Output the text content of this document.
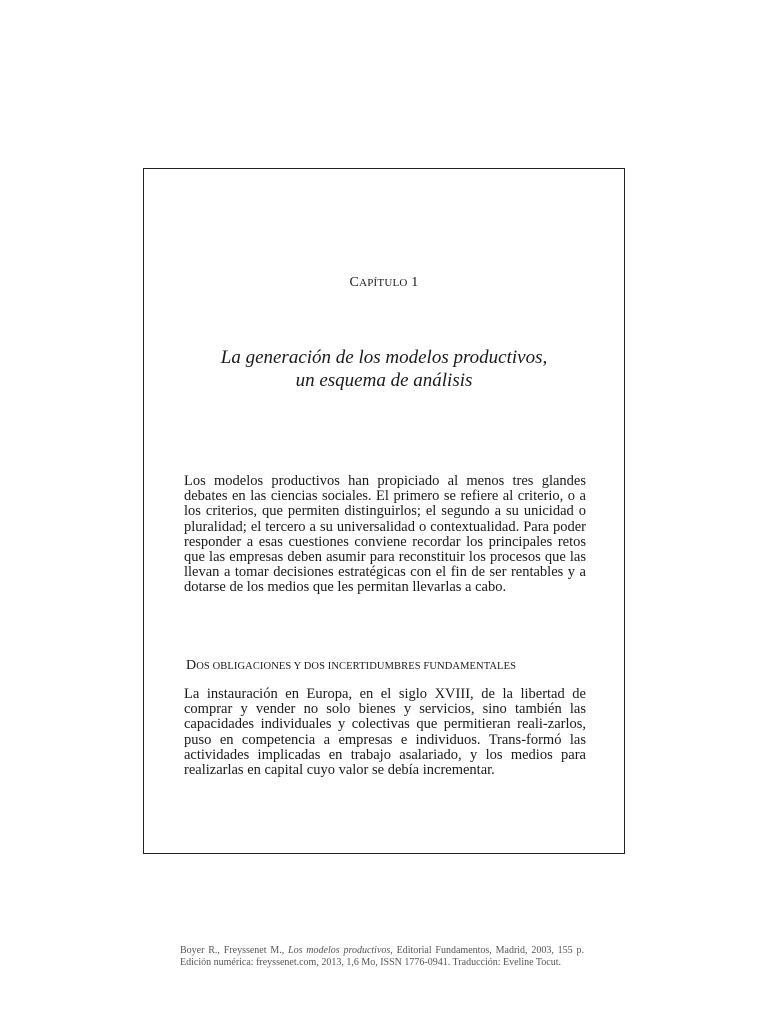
CAPÍTULO 1
La generación de los modelos productivos,
un esquema de análisis

Los modelos productivos han propiciado al menos tres glandes debates en las ciencias sociales. El primero se refiere al criterio, o a los criterios, que permiten distinguirlos; el segundo a su unicidad o pluralidad; el tercero a su universalidad o contextualidad. Para poder responder a esas cuestiones conviene recordar los principales retos que las empresas deben asumir para reconstituir los procesos que las llevan a tomar decisiones estratégicas con el fin de ser rentables y a dotarse de los medios que les permitan llevarlas a cabo.

DOS OBLIGACIONES Y DOS INCERTIDUMBRES FUNDAMENTALES

La instauración en Europa, en el siglo XVIII, de la libertad de comprar y vender no solo bienes y servicios, sino también las capacidades individuales y colectivas que permitieran reali-zarlos, puso en competencia a empresas e individuos. Trans-formó las actividades implicadas en trabajo asalariado, y los medios para realizarlas en capital cuyo valor se debía incrementar.

Boyer R., Freyssenet M., Los modelos productivos, Editorial Fundamentos, Madrid, 2003, 155 p. Edición numérica: freyssenet.com, 2013, 1,6 Mo, ISSN 1776-0941. Traducción: Eveline Tocut.
